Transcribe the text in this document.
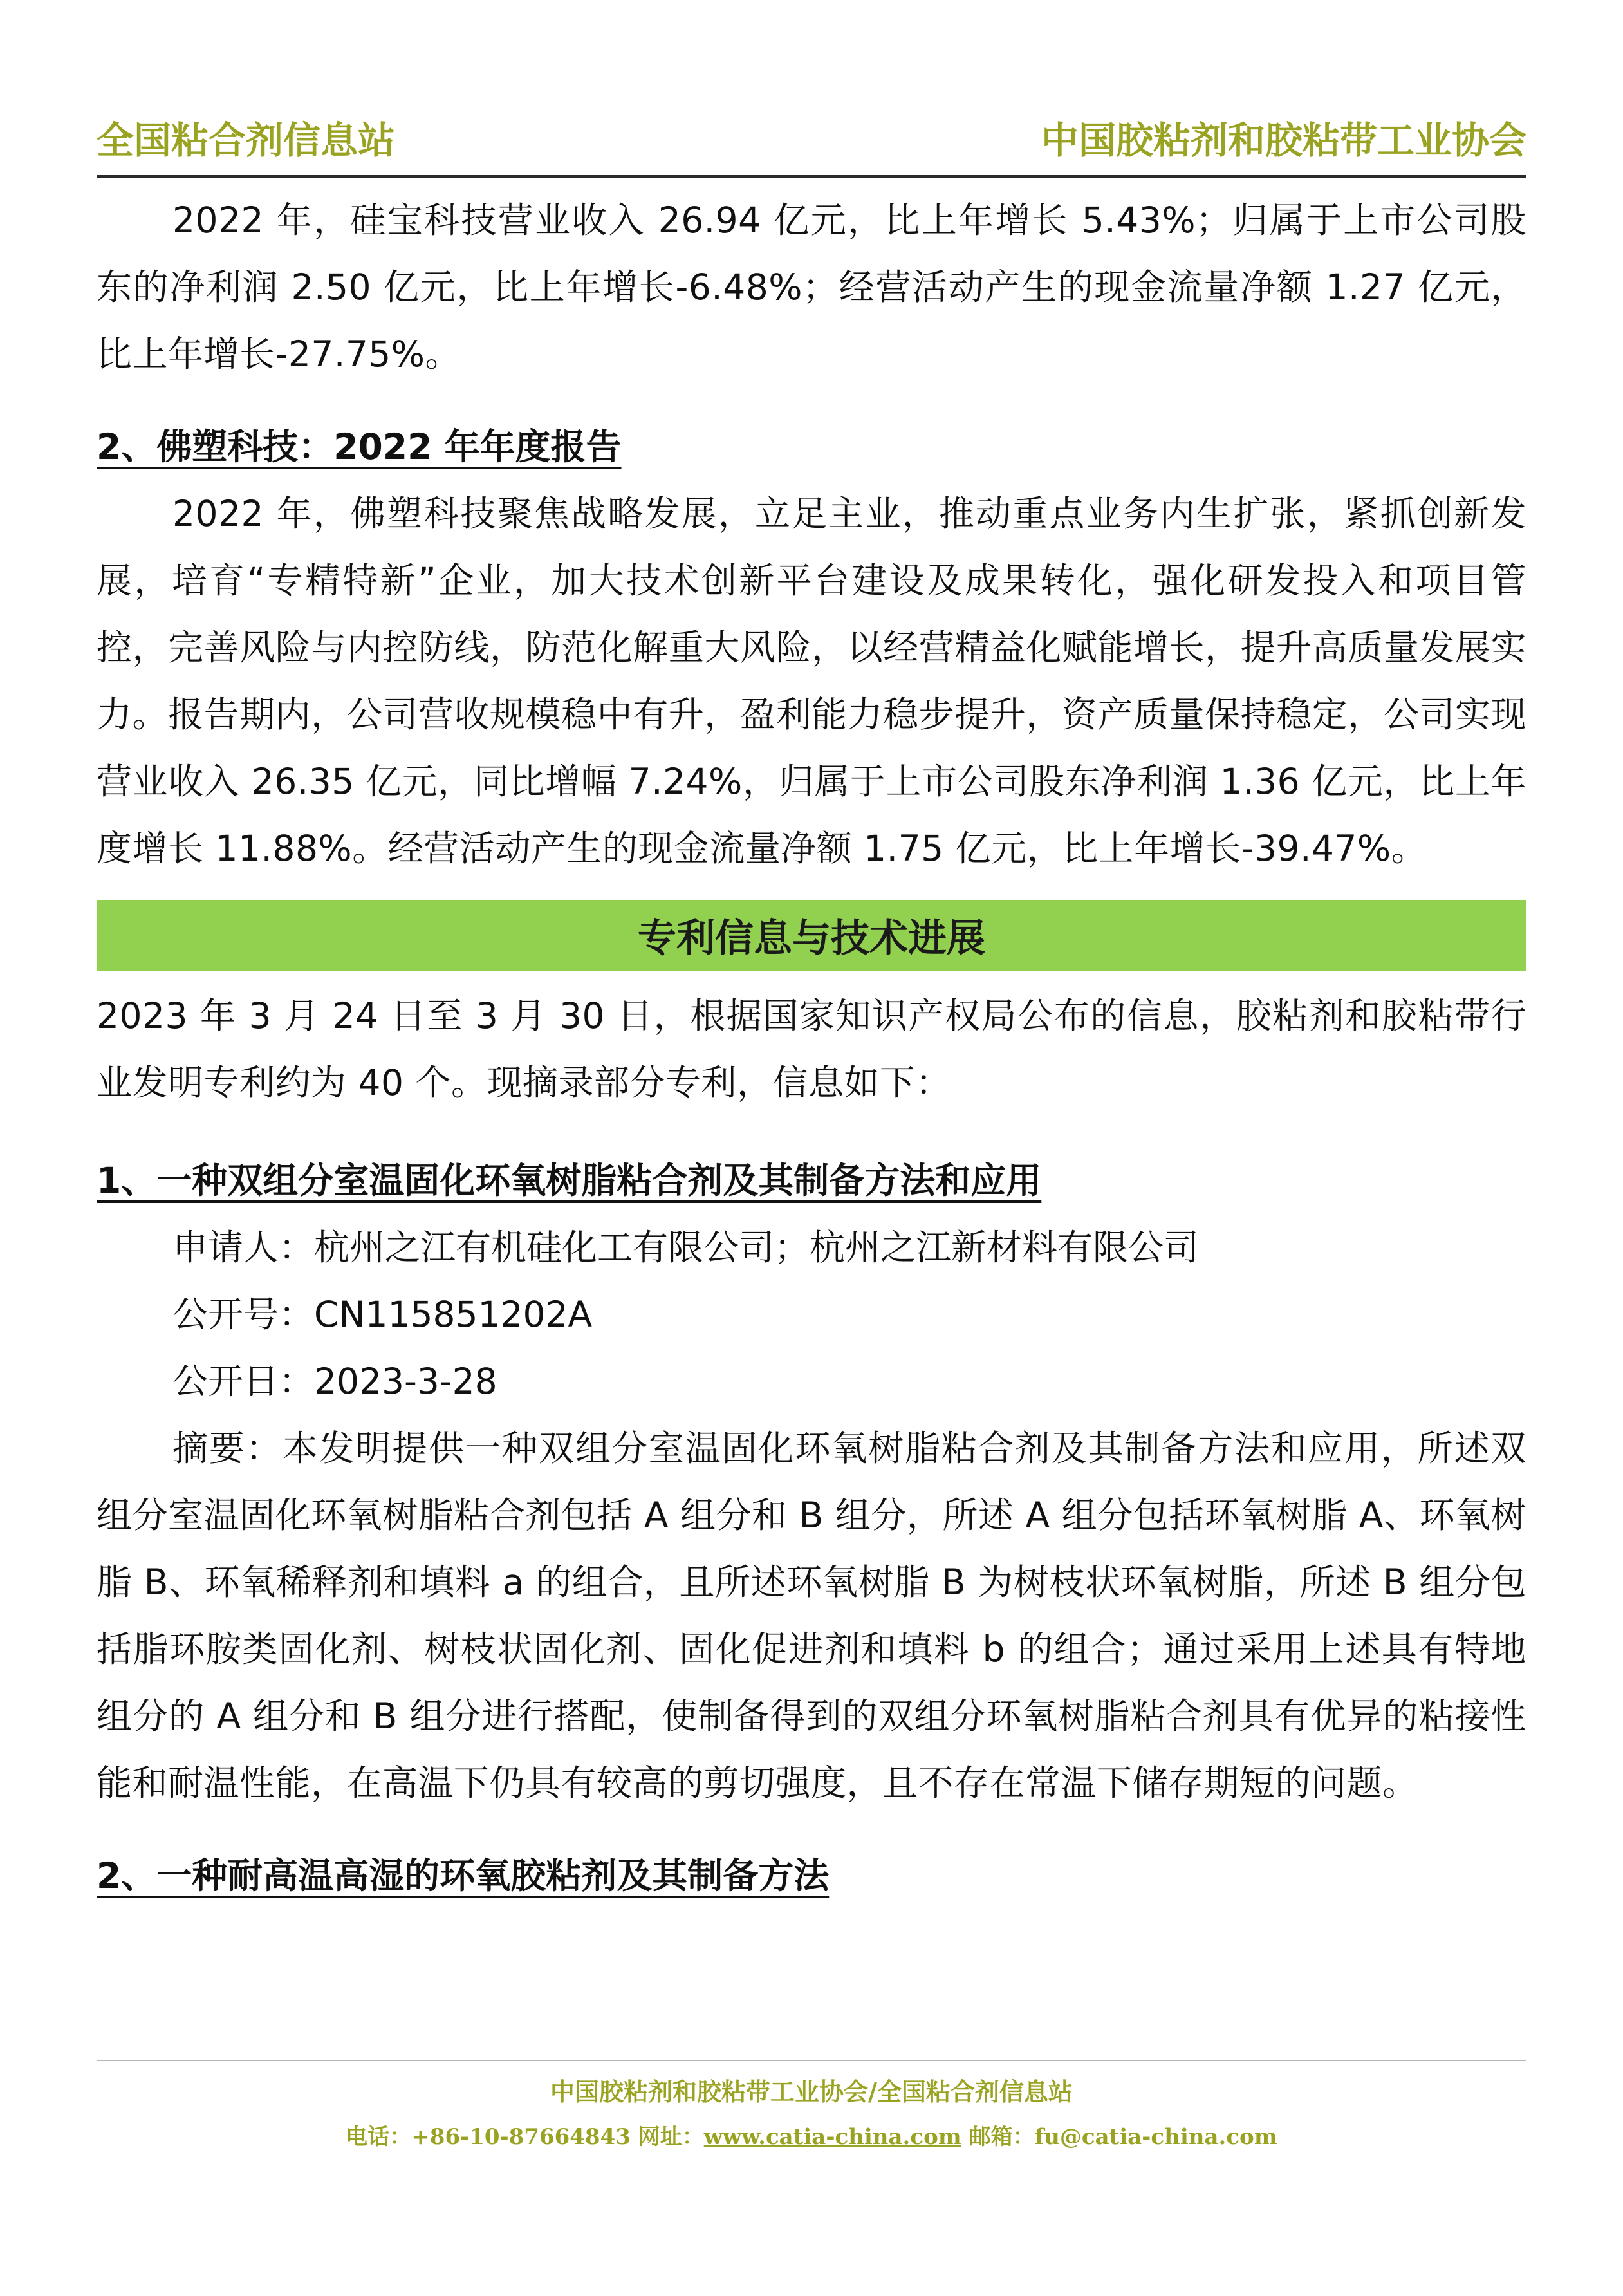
全国粘合剂信息站	中国胶粘剂和胶粘带工业协会

2022 年，硅宝科技营业收入 26.94 亿元，比上年增长 5.43%；归属于上市公司股东的净利润 2.50 亿元，比上年增长-6.48%；经营活动产生的现金流量净额 1.27 亿元，比上年增长-27.75%。

2、佛塑科技：2022 年年度报告

2022 年，佛塑科技聚焦战略发展，立足主业，推动重点业务内生扩张，紧抓创新发展，培育“专精特新”企业，加大技术创新平台建设及成果转化，强化研发投入和项目管控，完善风险与内控防线，防范化解重大风险，以经营精益化赋能增长，提升高质量发展实力。报告期内，公司营收规模稳中有升，盈利能力稳步提升，资产质量保持稳定，公司实现营业收入 26.35 亿元，同比增幅 7.24%，归属于上市公司股东净利润 1.36 亿元，比上年度增长 11.88%。经营活动产生的现金流量净额 1.75 亿元，比上年增长-39.47%。

专利信息与技术进展

2023 年 3 月 24 日至 3 月 30 日，根据国家知识产权局公布的信息，胶粘剂和胶粘带行业发明专利约为 40 个。现摘录部分专利，信息如下：

1、一种双组分室温固化环氧树脂粘合剂及其制备方法和应用

申请人：杭州之江有机硅化工有限公司；杭州之江新材料有限公司

公开号：CN115851202A

公开日：2023-3-28

摘要：本发明提供一种双组分室温固化环氧树脂粘合剂及其制备方法和应用，所述双组分室温固化环氧树脂粘合剂包括 A 组分和 B 组分，所述 A 组分包括环氧树脂 A、环氧树脂 B、环氧稀释剂和填料 a 的组合，且所述环氧树脂 B 为树枝状环氧树脂，所述 B 组分包括脂环胺类固化剂、树枝状固化剂、固化促进剂和填料 b 的组合；通过采用上述具有特地组分的 A 组分和 B 组分进行搭配，使制备得到的双组分环氧树脂粘合剂具有优异的粘接性能和耐温性能，在高温下仍具有较高的剪切强度，且不存在常温下储存期短的问题。

2、一种耐高温高湿的环氧胶粘剂及其制备方法

中国胶粘剂和胶粘带工业协会/全国粘合剂信息站
电话：+86-10-87664843 网址：www.catia-china.com 邮箱：fu@catia-china.com
